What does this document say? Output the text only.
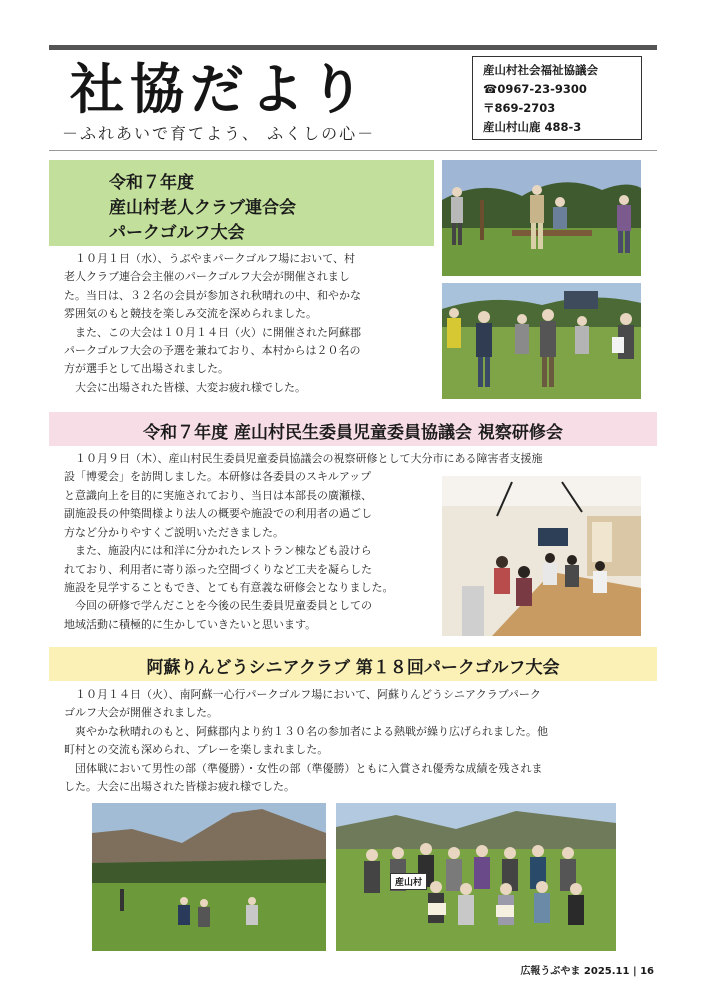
社協だより
－ふれあいで育てよう、 ふくしの心－
産山村社会福祉協議会
☎0967-23-9300
〒869-2703
産山村山鹿 488-3
令和７年度
産山村老人クラブ連合会
パークゴルフ大会

　１０月１日（水）、うぶやまパークゴルフ場において、村

老人クラブ連合会主催のパークゴルフ大会が開催されまし

た。当日は、３２名の会員が参加され秋晴れの中、和やかな

雰囲気のもと競技を楽しみ交流を深められました。

　また、この大会は１０月１４日（火）に開催された阿蘇郡

パークゴルフ大会の予選を兼ねており、本村からは２０名の

方が選手として出場されました。

　大会に出場された皆様、大変お疲れ様でした。

令和７年度 産山村民生委員児童委員協議会 視察研修会

　１０月９日（木）、産山村民生委員児童委員協議会の視察研修として大分市にある障害者支援施

設「博愛会」を訪問しました。本研修は各委員のスキルアップ

と意識向上を目的に実施されており、当日は本部長の廣瀬様、

副施設長の仲築間様より法人の概要や施設での利用者の過ごし

方など分かりやすくご説明いただきました。

　また、施設内には和洋に分かれたレストラン棟なども設けら

れており、利用者に寄り添った空間づくりなど工夫を凝らした

施設を見学することもでき、とても有意義な研修会となりました。

　今回の研修で学んだことを今後の民生委員児童委員としての

地域活動に積極的に生かしていきたいと思います。

阿蘇りんどうシニアクラブ 第１８回パークゴルフ大会

　１０月１４日（火）、南阿蘇一心行パークゴルフ場において、阿蘇りんどうシニアクラブパーク

ゴルフ大会が開催されました。

　爽やかな秋晴れのもと、阿蘇郡内より約１３０名の参加者による熱戦が繰り広げられました。他

町村との交流も深められ、プレーを楽しまれました。

　団体戦において男性の部（準優勝）・女性の部（準優勝）ともに入賞され優秀な成績を残されま

した。大会に出場された皆様お疲れ様でした。

産山村
広報うぶやま 2025.11 | 16
